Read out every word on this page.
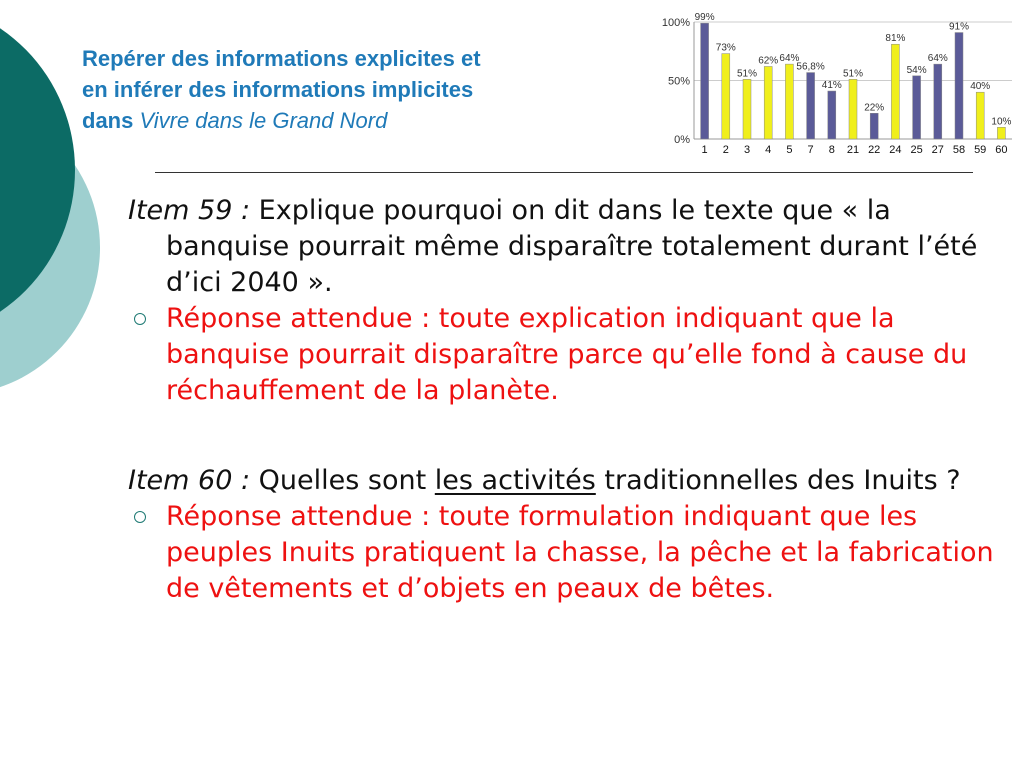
Repérer des informations explicites et
en inférer des informations implicites
dans Vivre dans le Grand Nord
0%
50%
100% 99%
1
73%
2
51%
3
62%
4
64%
5
56,8%
7
41%
8
51%
21
22%
22
81%
24
54%
25
64%
27
91%
58
40%
59
10%
60

Item 59 : Explique pourquoi on dit dans le texte que « la banquise pourrait même disparaître totalement durant l’été d’ici 2040 ».

Réponse attendue : toute explication indiquant que la banquise pourrait disparaître parce qu’elle fond à cause du réchauffement de la planète.

Item 60 : Quelles sont les activités traditionnelles des Inuits ?

Réponse attendue : toute formulation indiquant que les peuples Inuits pratiquent la chasse, la pêche et la fabrication de vêtements et d’objets en peaux de bêtes.
